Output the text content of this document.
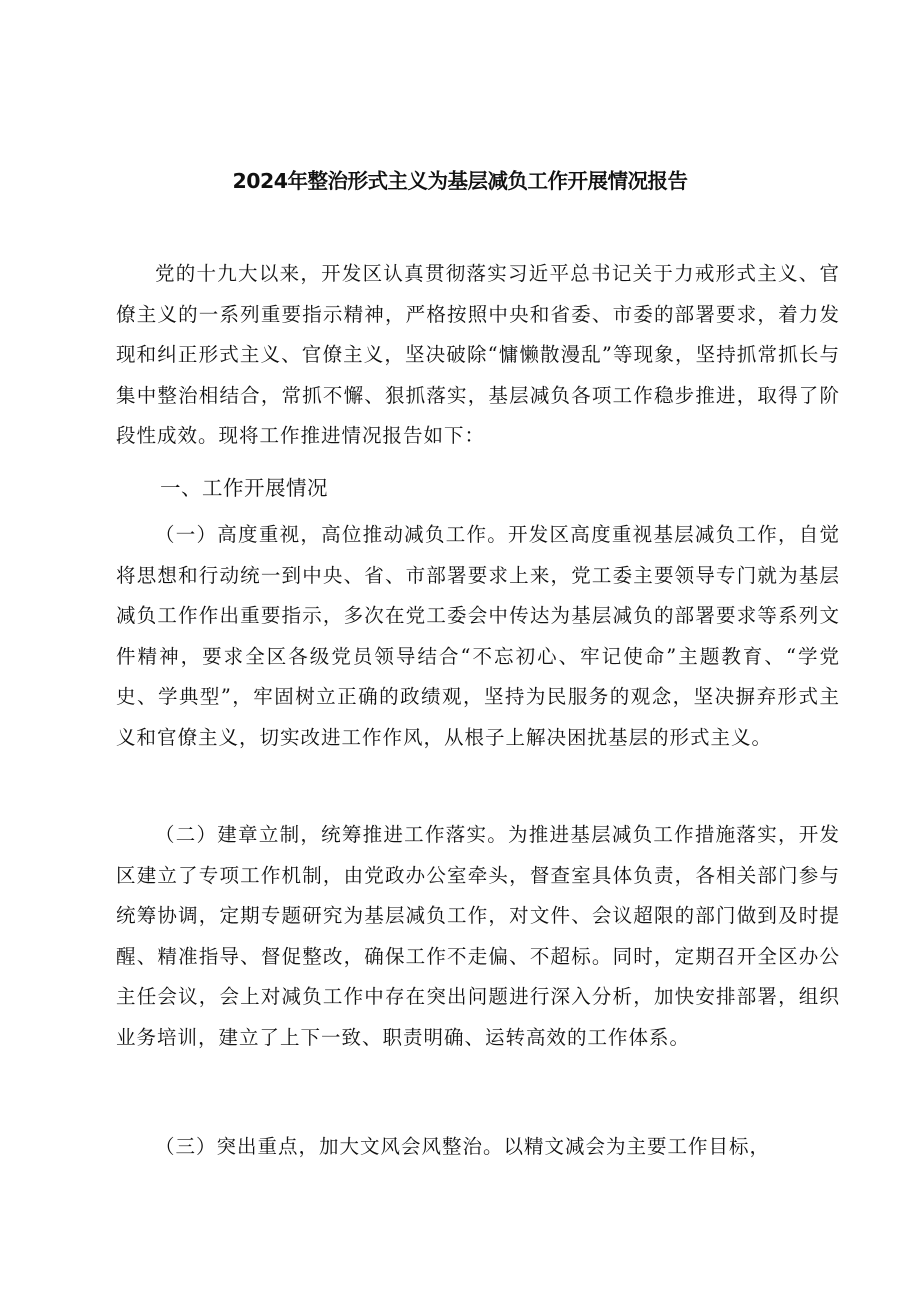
2024年整治形式主义为基层减负工作开展情况报告

党的十九大以来，开发区认真贯彻落实习近平总书记关于力戒形式主义、官僚主义的一系列重要指示精神，严格按照中央和省委、市委的部署要求，着力发现和纠正形式主义、官僚主义，坚决破除“慵懒散漫乱”等现象，坚持抓常抓长与集中整治相结合，常抓不懈、狠抓落实，基层减负各项工作稳步推进，取得了阶段性成效。现将工作推进情况报告如下：

一、工作开展情况

（一）高度重视，高位推动减负工作。开发区高度重视基层减负工作，自觉将思想和行动统一到中央、省、市部署要求上来，党工委主要领导专门就为基层减负工作作出重要指示，多次在党工委会中传达为基层减负的部署要求等系列文件精神，要求全区各级党员领导结合“不忘初心、牢记使命”主题教育、“学党史、学典型”，牢固树立正确的政绩观，坚持为民服务的观念，坚决摒弃形式主义和官僚主义，切实改进工作作风，从根子上解决困扰基层的形式主义。

（二）建章立制，统筹推进工作落实。为推进基层减负工作措施落实，开发区建立了专项工作机制，由党政办公室牵头，督查室具体负责，各相关部门参与统筹协调，定期专题研究为基层减负工作，对文件、会议超限的部门做到及时提醒、精准指导、督促整改，确保工作不走偏、不超标。同时，定期召开全区办公主任会议，会上对减负工作中存在突出问题进行深入分析，加快安排部署，组织业务培训，建立了上下一致、职责明确、运转高效的工作体系。

（三）突出重点，加大文风会风整治。以精文减会为主要工作目标，
